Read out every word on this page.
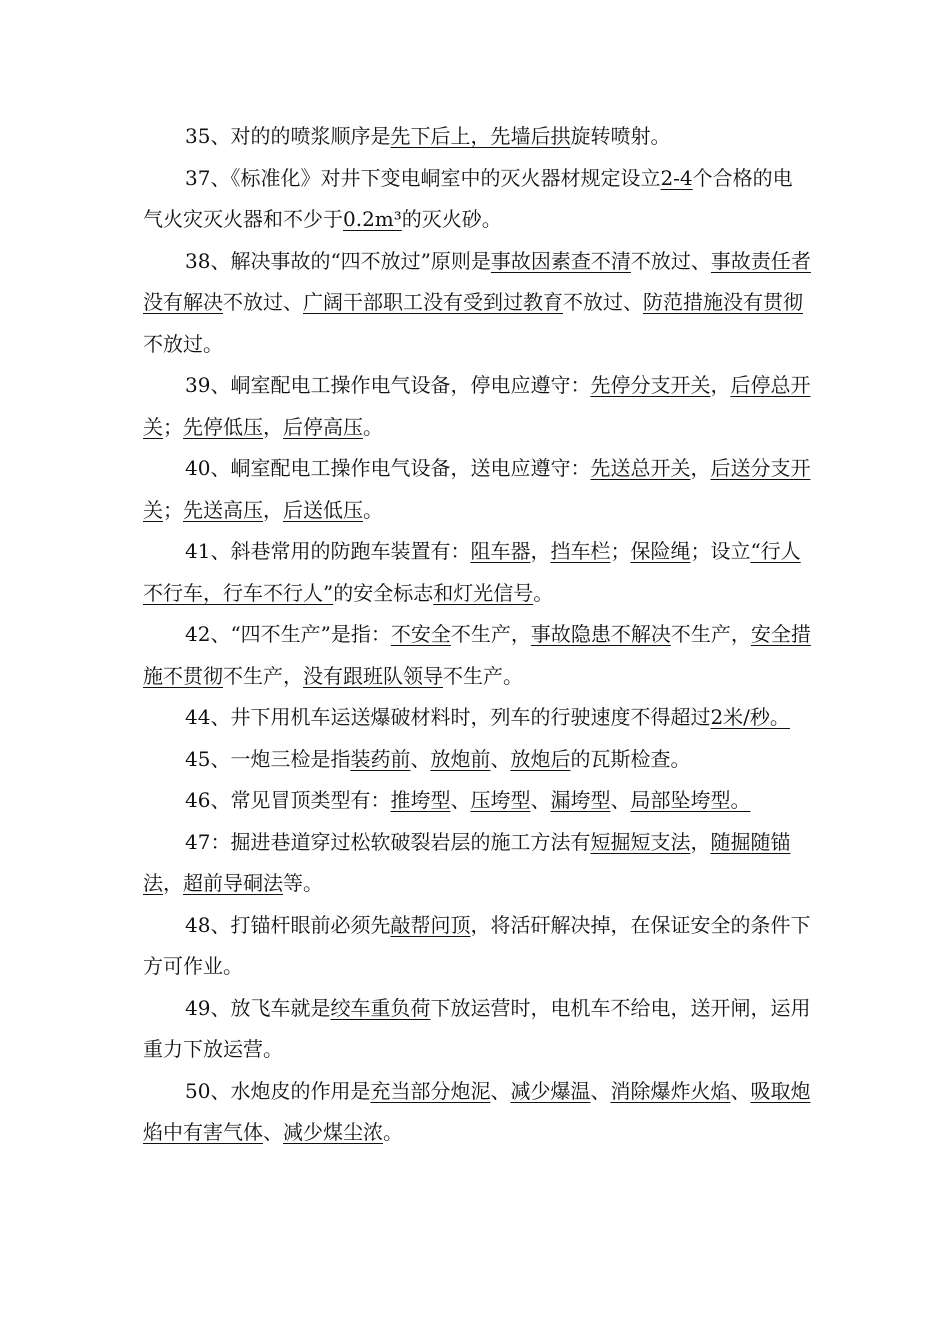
35、对的的喷浆顺序是先下后上，先墙后拱旋转喷射。

37、《标准化》对井下变电峒室中的灭火器材规定设立2-4个合格的电气火灾灭火器和不少于0.2m³的灭火砂。

38、解决事故的“四不放过”原则是事故因素查不清不放过、事故责任者没有解决不放过、广阔干部职工没有受到过教育不放过、防范措施没有贯彻不放过。

39、峒室配电工操作电气设备，停电应遵守：先停分支开关，后停总开关；先停低压，后停高压。

40、峒室配电工操作电气设备，送电应遵守：先送总开关，后送分支开关；先送高压，后送低压。

41、斜巷常用的防跑车装置有：阻车器，挡车栏；保险绳；设立“行人不行车，行车不行人”的安全标志和灯光信号。

42、“四不生产”是指：不安全不生产，事故隐患不解决不生产，安全措施不贯彻不生产，没有跟班队领导不生产。

44、井下用机车运送爆破材料时，列车的行驶速度不得超过2米/秒。

45、一炮三检是指装药前、放炮前、放炮后的瓦斯检查。

46、常见冒顶类型有：推垮型、压垮型、漏垮型、局部坠垮型。

47：掘进巷道穿过松软破裂岩层的施工方法有短掘短支法，随掘随锚法，超前导硐法等。

48、打锚杆眼前必须先敲帮问顶，将活矸解决掉，在保证安全的条件下方可作业。

49、放飞车就是绞车重负荷下放运营时，电机车不给电，送开闸，运用重力下放运营。

50、水炮皮的作用是充当部分炮泥、减少爆温、消除爆炸火焰、吸取炮焰中有害气体、减少煤尘浓。
